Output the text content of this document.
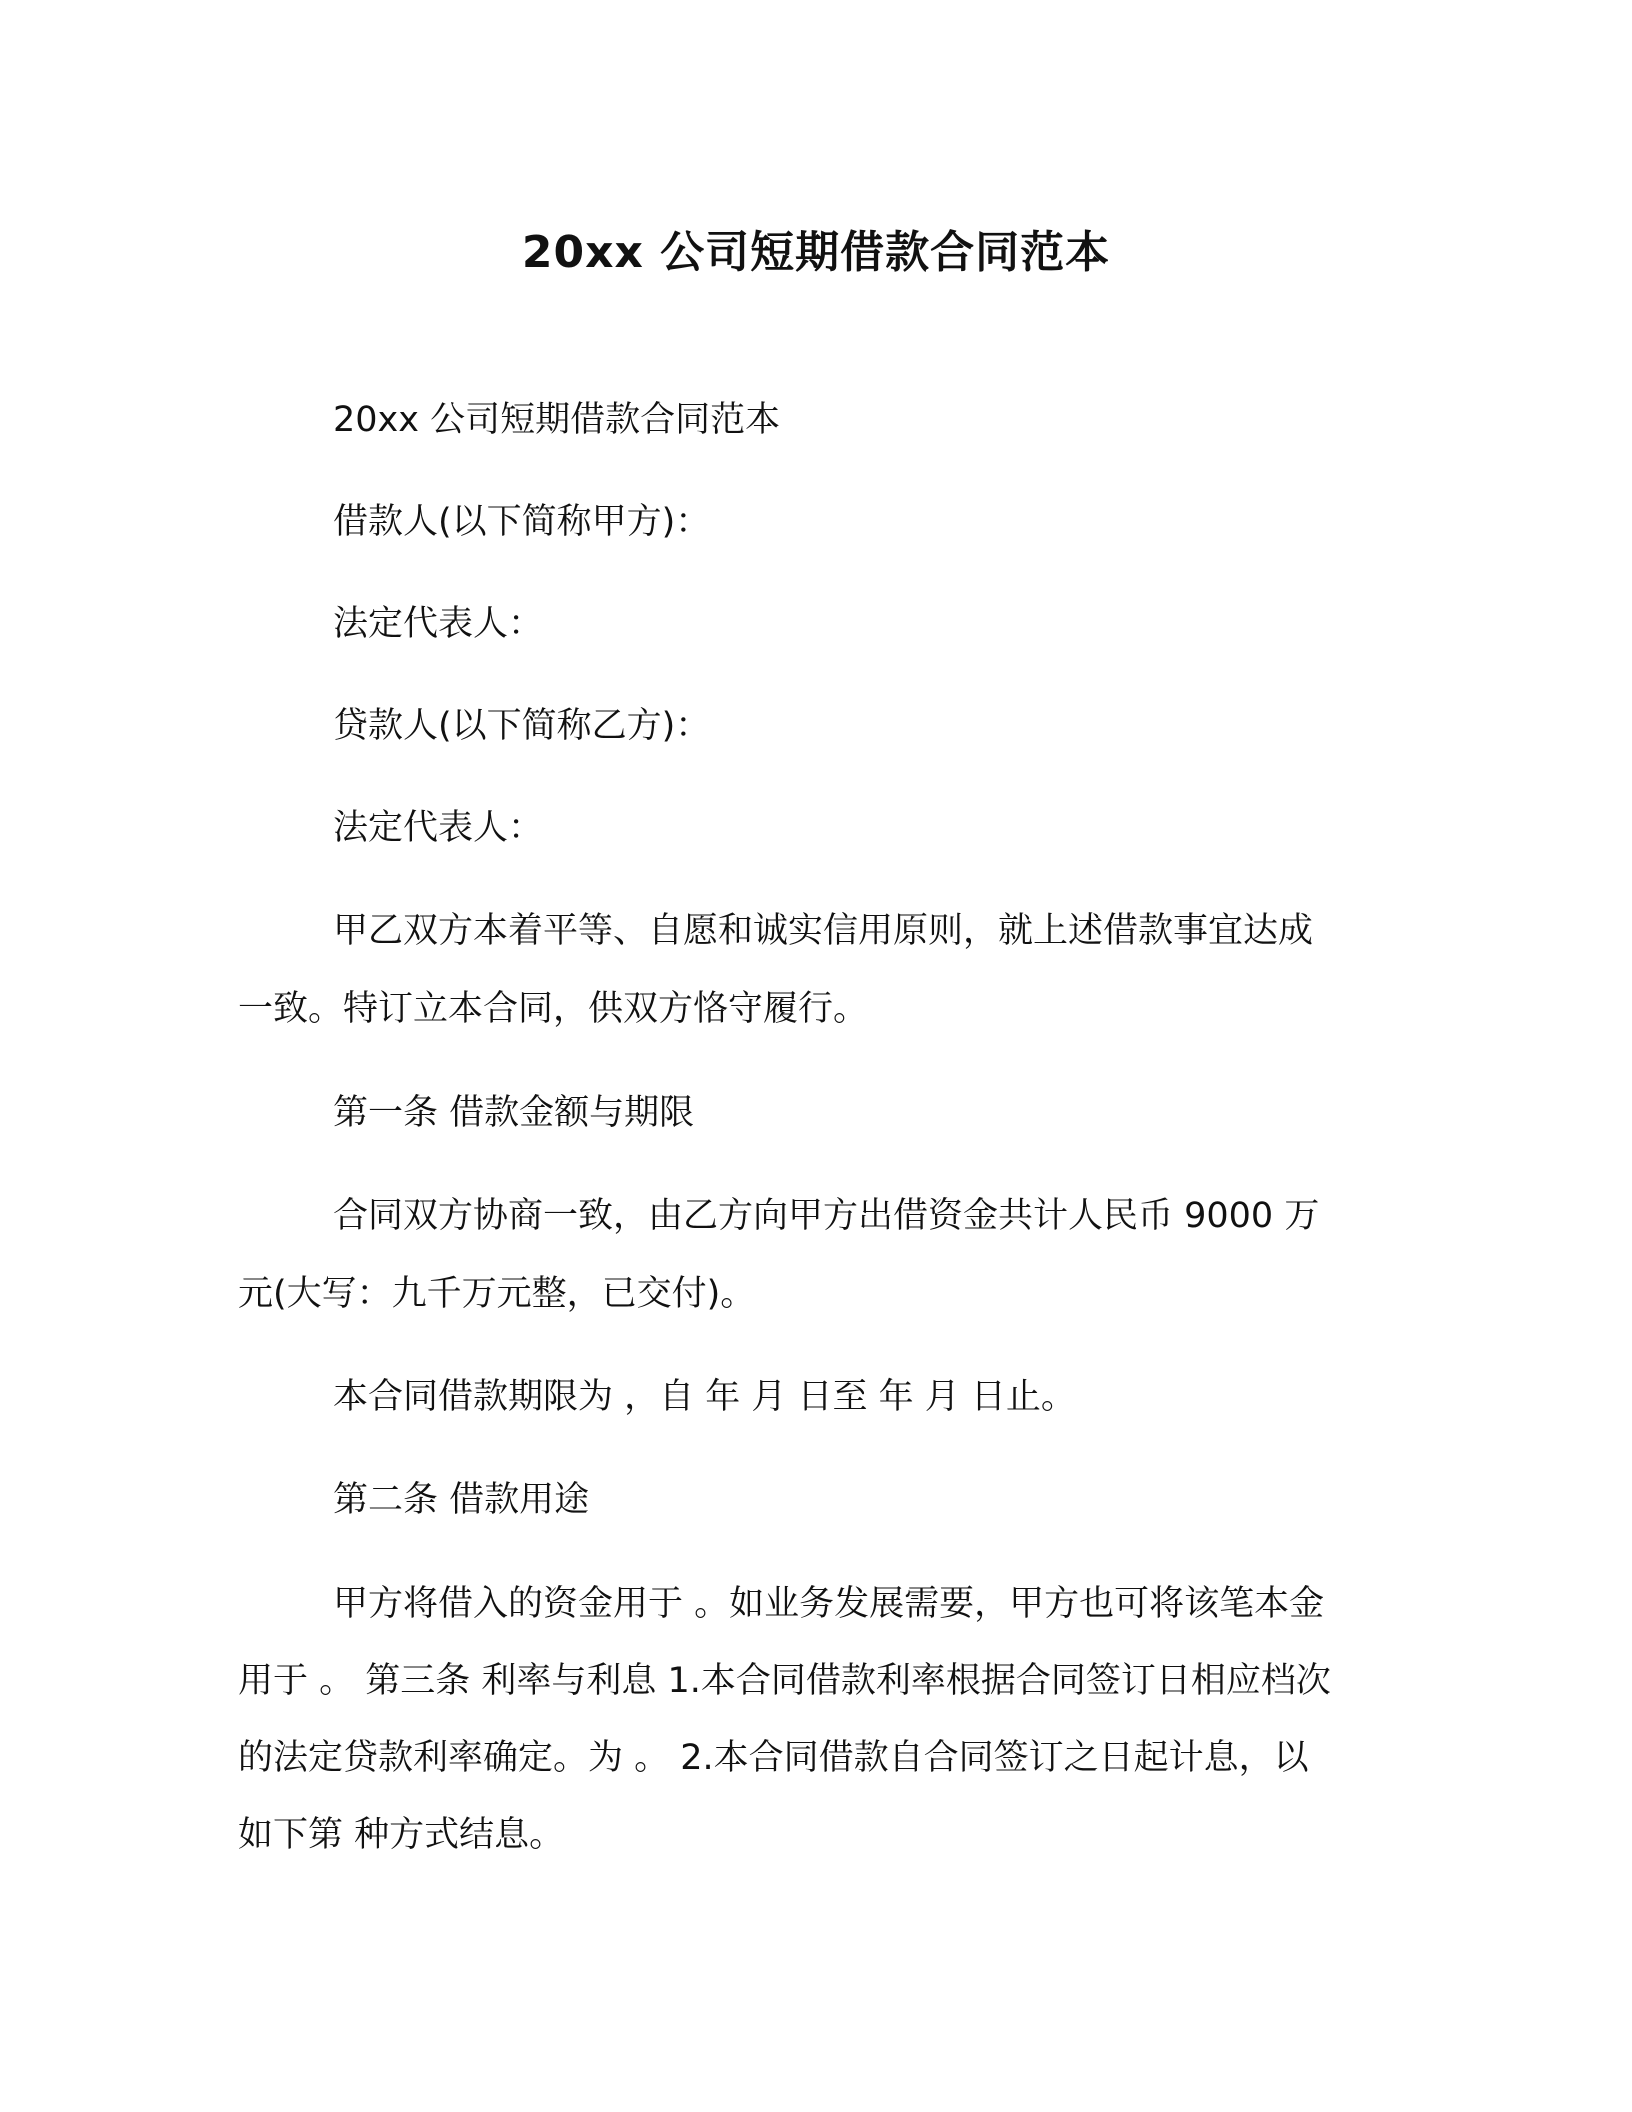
20xx 公司短期借款合同范本

20xx 公司短期借款合同范本

借款人(以下简称甲方)：

法定代表人：

贷款人(以下简称乙方)：

法定代表人：

甲乙双方本着平等、自愿和诚实信用原则，就上述借款事宜达成

一致。特订立本合同，供双方恪守履行。

第一条 借款金额与期限

合同双方协商一致，由乙方向甲方出借资金共计人民币 9000 万

元(大写：九千万元整，已交付)。

本合同借款期限为 ，自 年 月 日至 年 月 日止。

第二条 借款用途

甲方将借入的资金用于 。如业务发展需要，甲方也可将该笔本金

用于 。 第三条 利率与利息 1.本合同借款利率根据合同签订日相应档次

的法定贷款利率确定。为 。 2.本合同借款自合同签订之日起计息，以

如下第 种方式结息。
